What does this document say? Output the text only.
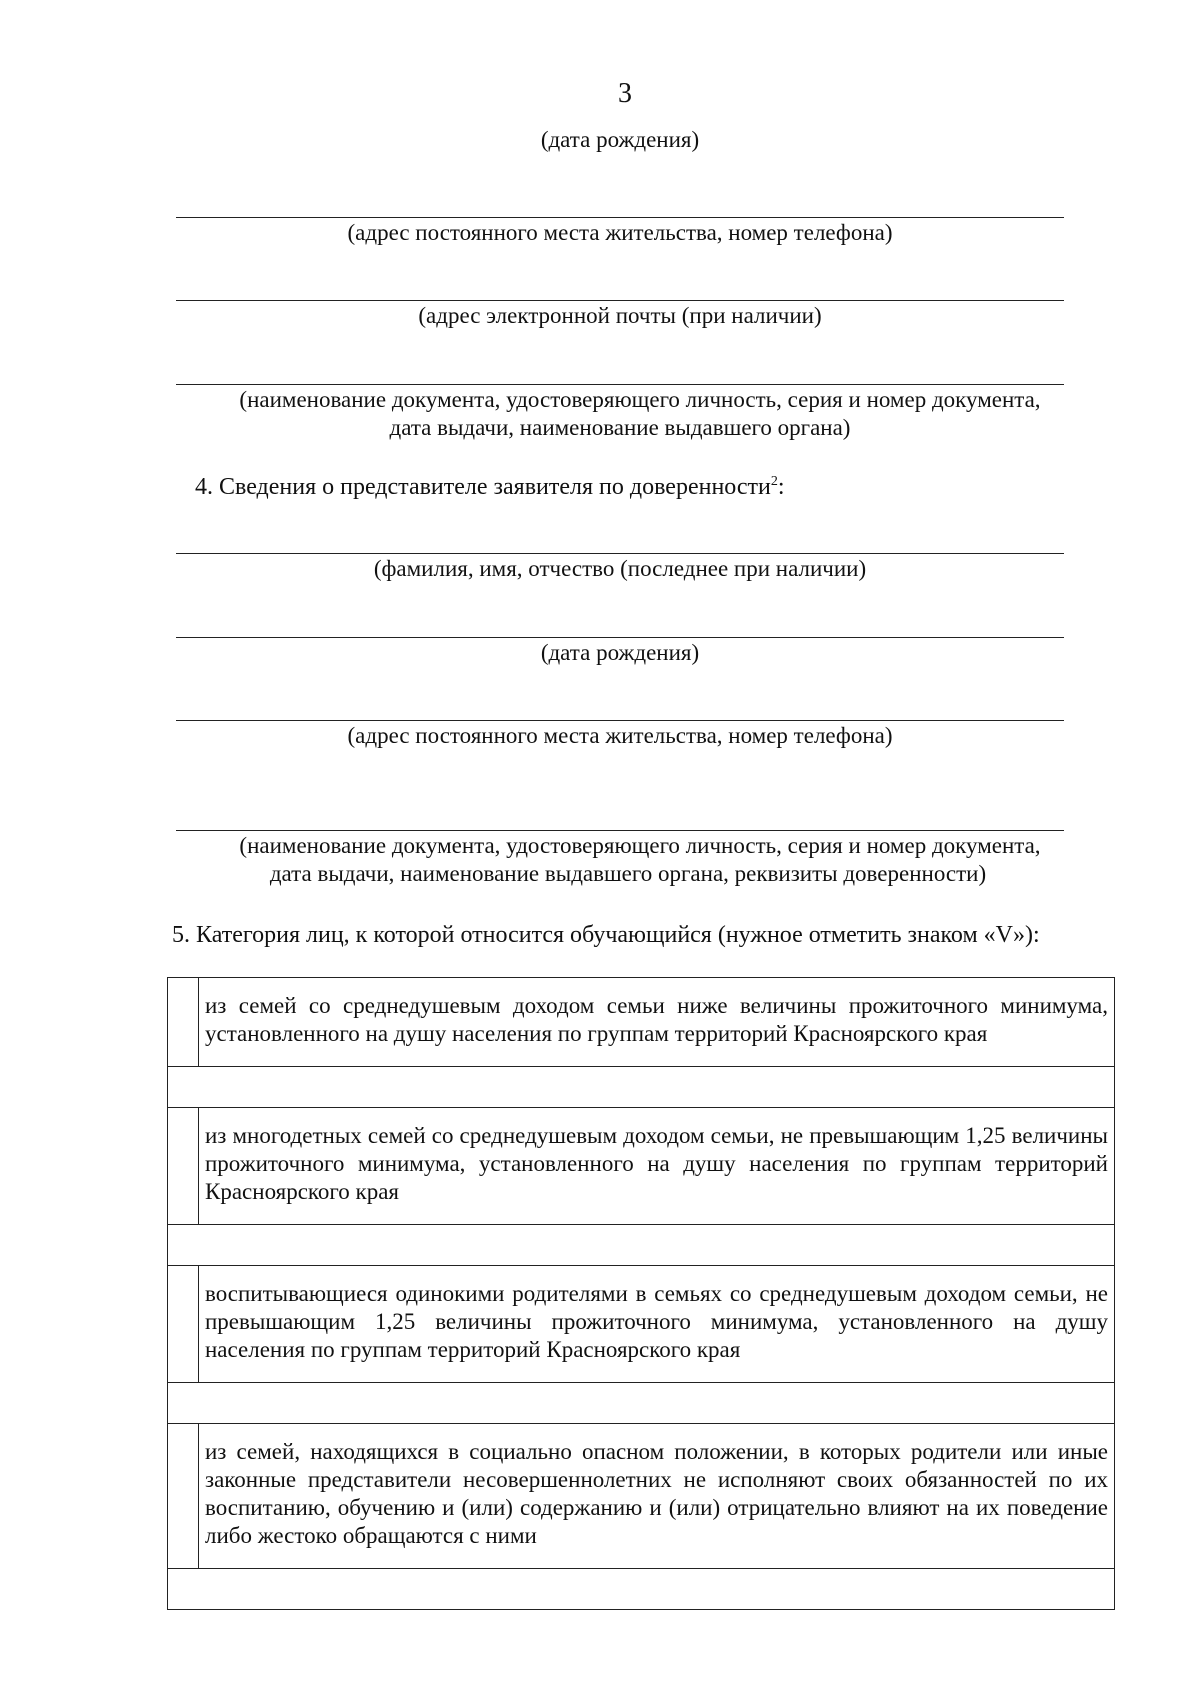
3
(дата рождения)
(адрес постоянного места жительства, номер телефона)
(адрес электронной почты (при наличии)
(наименование документа, удостоверяющего личность, серия и номер документа,
дата выдачи, наименование выдавшего органа)
4. Сведения о представителе заявителя по доверенности$^2$:
(фамилия, имя, отчество (последнее при наличии)
(дата рождения)
(адрес постоянного места жительства, номер телефона)
(наименование документа, удостоверяющего личность, серия и номер документа,
дата выдачи, наименование выдавшего органа, реквизиты доверенности)
5. Категория лиц, к которой относится обучающийся (нужное отметить знаком «V»):
	из семей со среднедушевым доходом семьи ниже величины прожиточного минимума, установленного на душу населения по группам территорий Красноярского края

	из многодетных семей со среднедушевым доходом семьи, не превышающим 1,25 величины прожиточного минимума, установленного на душу населения по группам территорий Красноярского края

	воспитывающиеся одинокими родителями в семьях со среднедушевым доходом семьи, не превышающим 1,25 величины прожиточного минимума, установленного на душу населения по группам территорий Красноярского края

	из семей, находящихся в социально опасном положении, в которых родители или иные законные представители несовершеннолетних не исполняют своих обязанностей по их воспитанию, обучению и (или) содержанию и (или) отрицательно влияют на их поведение либо жестоко обращаются с ними
